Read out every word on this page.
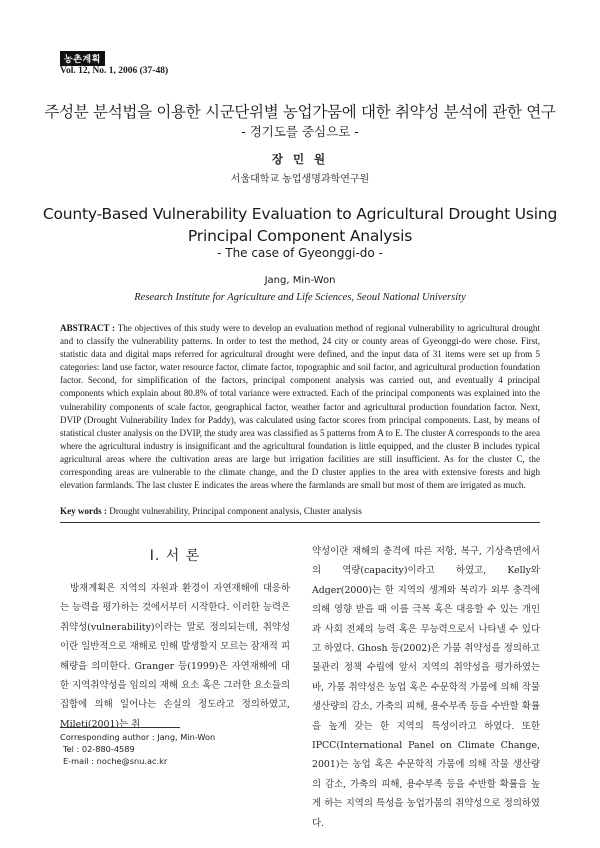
농촌계획
Vol. 12, No. 1, 2006 (37-48)
주성분 분석법을 이용한 시군단위별 농업가뭄에 대한 취약성 분석에 관한 연구
- 경기도를 중심으로 -
장 민 원
서울대학교 농업생명과학연구원
County-Based Vulnerability Evaluation to Agricultural Drought Using Principal Component Analysis
- The case of Gyeonggi-do -
Jang, Min-Won
Research Institute for Agriculture and Life Sciences, Seoul National University
ABSTRACT : The objectives of this study were to develop an evaluation method of regional vulnerability to agricultural drought and to classify the vulnerability patterns. In order to test the method, 24 city or county areas of Gyeonggi-do were chose. First, statistic data and digital maps referred for agricultural drought were defined, and the input data of 31 items were set up from 5 categories: land use factor, water resource factor, climate factor, topographic and soil factor, and agricultural production foundation factor. Second, for simplification of the factors, principal component analysis was carried out, and eventually 4 principal components which explain about 80.8% of total variance were extracted. Each of the principal components was explained into the vulnerability components of scale factor, geographical factor, weather factor and agricultural production foundation factor. Next, DVIP (Drought Vulnerability Index for Paddy), was calculated using factor scores from principal components. Last, by means of statistical cluster analysis on the DVIP, the study area was classified as 5 patterns from A to E. The cluster A corresponds to the area where the agricultural industry is insignificant and the agricultural foundation is little equipped, and the cluster B includes typical agricultural areas where the cultivation areas are large but irrigation facilities are still insufficient. As for the cluster C, the corresponding areas are vulnerable to the climate change, and the D cluster applies to the area with extensive forests and high elevation farmlands. The last cluster E indicates the areas where the farmlands are small but most of them are irrigated as much.
Key words : Drought vulnerability, Principal component analysis, Cluster analysis
Ⅰ. 서 론

방재계획은 지역의 자원과 환경이 자연재해에 대응하는 능력을 평가하는 것에서부터 시작한다. 이러한 능력은 취약성(vulnerability)이라는 말로 정의되는데, 취약성이란 일반적으로 재해로 인해 발생할지 모르는 잠재적 피해량을 의미한다. Granger 등(1999)은 자연재해에 대한 지역취약성을 임의의 재해 요소 혹은 그러한 요소들의 집합에 의해 일어나는 손실의 정도라고 정의하였고, Mileti(2001)는 취

약성이란 재해의 충격에 따른 저항, 복구, 기상측면에서의 역량(capacity)이라고 하였고, Kelly와 Adger(2000)는 한 지역의 생계와 복리가 외부 충격에 의해 영향 받을 때 이를 극복 혹은 대응할 수 있는 개인과 사회 전체의 능력 혹은 무능력으로서 나타낼 수 있다고 하였다. Ghosh 등(2002)은 가뭄 취약성을 정의하고 물관리 정책 수립에 앞서 지역의 취약성을 평가하였는바, 가뭄 취약성은 농업 혹은 수문학적 가뭄에 의해 작물 생산량의 감소, 가축의 피해, 용수부족 등을 수반할 확률을 높게 갖는 한 지역의 특성이라고 하였다. 또한 IPCC(International Panel on Climate Change, 2001)는 농업 혹은 수문학적 가뭄에 의해 작물 생산량의 감소, 가축의 피해, 용수부족 등을 수반할 확률을 높게 하는 지역의 특성을 농업가뭄의 취약성으로 정의하였다.

Corresponding author : Jang, Min-Won
Tel : 02-880-4589
E-mail : noche@snu.ac.kr
